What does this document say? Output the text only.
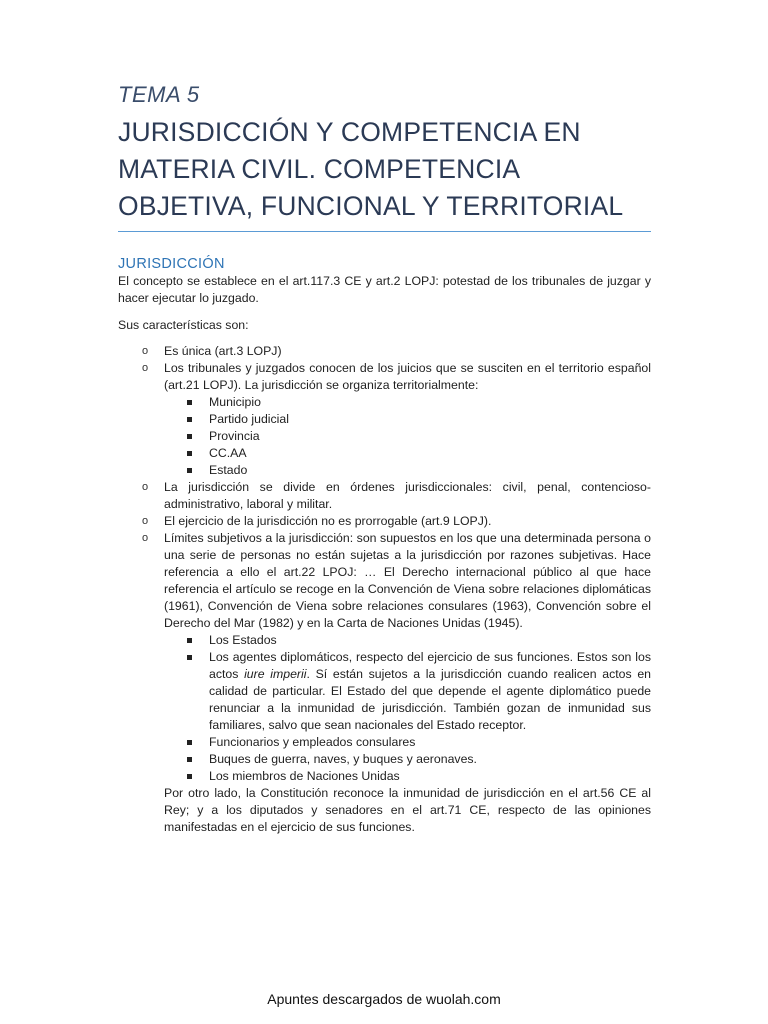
TEMA 5
JURISDICCIÓN Y COMPETENCIA EN MATERIA CIVIL. COMPETENCIA OBJETIVA, FUNCIONAL Y TERRITORIAL
JURISDICCIÓN

El concepto se establece en el art.117.3 CE y art.2 LOPJ: potestad de los tribunales de juzgar y hacer ejecutar lo juzgado.

Sus características son:

o Es única (art.3 LOPJ)
o Los tribunales y juzgados conocen de los juicios que se susciten en el territorio español (art.21 LOPJ). La jurisdicción se organiza territorialmente:
Municipio
Partido judicial
Provincia
CC.AA
Estado
o La jurisdicción se divide en órdenes jurisdiccionales: civil, penal, contencioso-administrativo, laboral y militar.
o El ejercicio de la jurisdicción no es prorrogable (art.9 LOPJ).
o Límites subjetivos a la jurisdicción: son supuestos en los que una determinada persona o una serie de personas no están sujetas a la jurisdicción por razones subjetivas. Hace referencia a ello el art.22 LPOJ: … El Derecho internacional público al que hace referencia el artículo se recoge en la Convención de Viena sobre relaciones diplomáticas (1961), Convención de Viena sobre relaciones consulares (1963), Convención sobre el Derecho del Mar (1982) y en la Carta de Naciones Unidas (1945).
Los Estados
Los agentes diplomáticos, respecto del ejercicio de sus funciones. Estos son los actos iure imperii. Sí están sujetos a la jurisdicción cuando realicen actos en calidad de particular. El Estado del que depende el agente diplomático puede renunciar a la inmunidad de jurisdicción. También gozan de inmunidad sus familiares, salvo que sean nacionales del Estado receptor.
Funcionarios y empleados consulares
Buques de guerra, naves, y buques y aeronaves.
Los miembros de Naciones Unidas
Por otro lado, la Constitución reconoce la inmunidad de jurisdicción en el art.56 CE al Rey; y a los diputados y senadores en el art.71 CE, respecto de las opiniones manifestadas en el ejercicio de sus funciones.
Apuntes descargados de wuolah.com
